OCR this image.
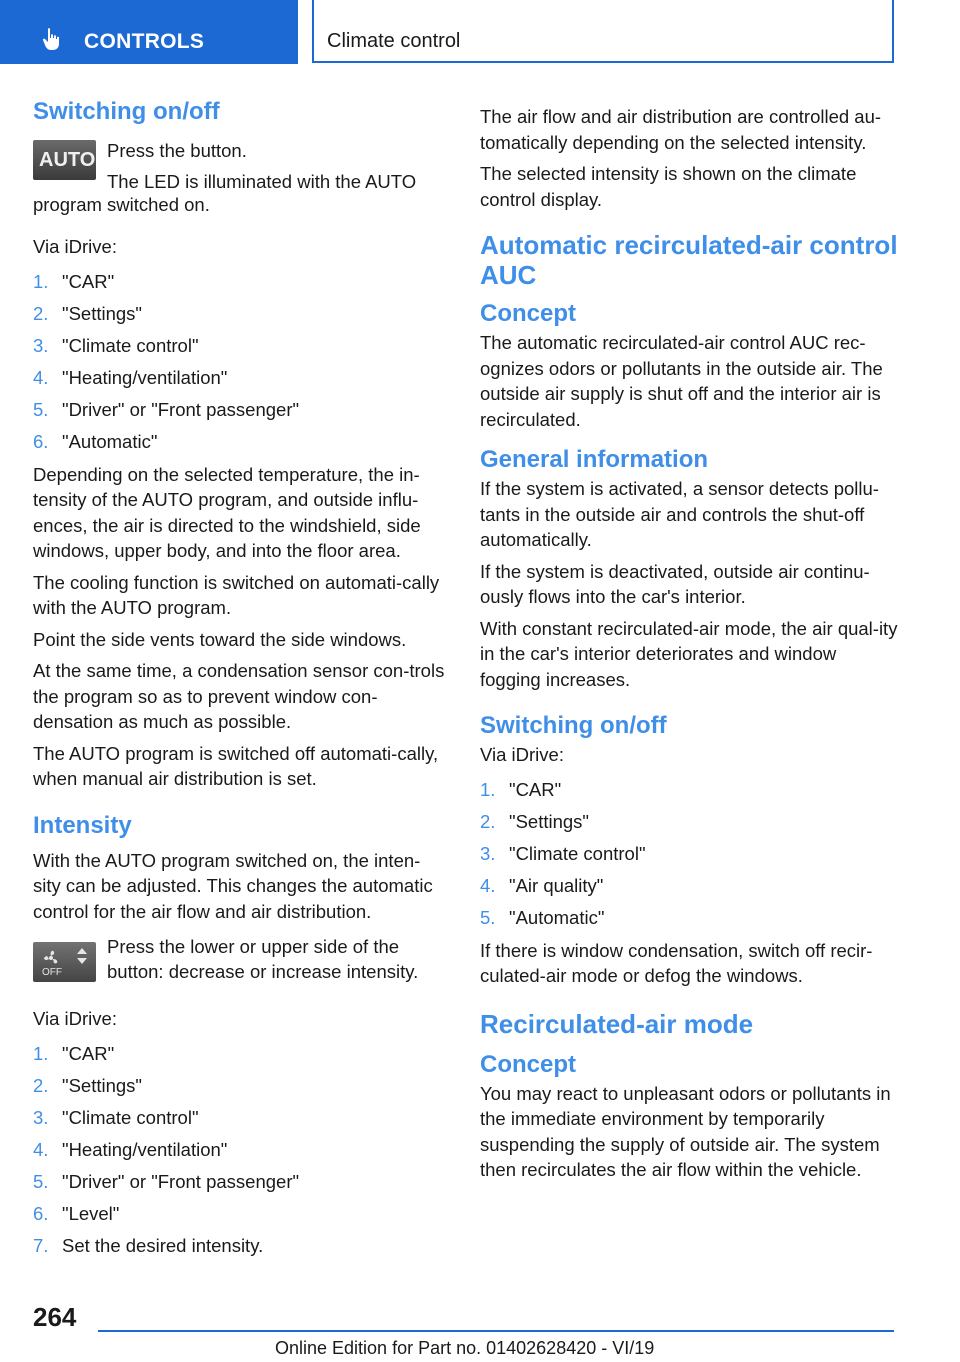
CONTROLS	Climate control
Switching on/off
AUTO Press the button.
The LED is illuminated with the AUTO
program switched on.
Via iDrive:
1. "CAR"
2. "Settings"
3. "Climate control"
4. "Heating/ventilation"
5. "Driver" or "Front passenger"
6. "Automatic"
Depending on the selected temperature, the in-tensity of the AUTO program, and outside influ-ences, the air is directed to the windshield, side windows, upper body, and into the floor area.
The cooling function is switched on automati-cally with the AUTO program.
Point the side vents toward the side windows.
At the same time, a condensation sensor con-trols the program so as to prevent window con-densation as much as possible.
The AUTO program is switched off automati-cally, when manual air distribution is set.
Intensity
With the AUTO program switched on, the inten-sity can be adjusted. This changes the automatic control for the air flow and air distribution.
OFF
Press the lower or upper side of the
button: decrease or increase intensity.
Via iDrive:
1. "CAR"
2. "Settings"
3. "Climate control"
4. "Heating/ventilation"
5. "Driver" or "Front passenger"
6. "Level"
7. Set the desired intensity.
The air flow and air distribution are controlled au-tomatically depending on the selected intensity.
The selected intensity is shown on the climate control display.
Automatic recirculated-air control AUC
Concept
The automatic recirculated-air control AUC rec-ognizes odors or pollutants in the outside air. The outside air supply is shut off and the interior air is recirculated.
General information
If the system is activated, a sensor detects pollu-tants in the outside air and controls the shut-off automatically.
If the system is deactivated, outside air continu-ously flows into the car's interior.
With constant recirculated-air mode, the air qual-ity in the car's interior deteriorates and window fogging increases.
Switching on/off
Via iDrive:
1. "CAR"
2. "Settings"
3. "Climate control"
4. "Air quality"
5. "Automatic"
If there is window condensation, switch off recir-culated-air mode or defog the windows.
Recirculated-air mode
Concept
You may react to unpleasant odors or pollutants in the immediate environment by temporarily suspending the supply of outside air. The system then recirculates the air flow within the vehicle.
264
Online Edition for Part no. 01402628420 - VI/19
